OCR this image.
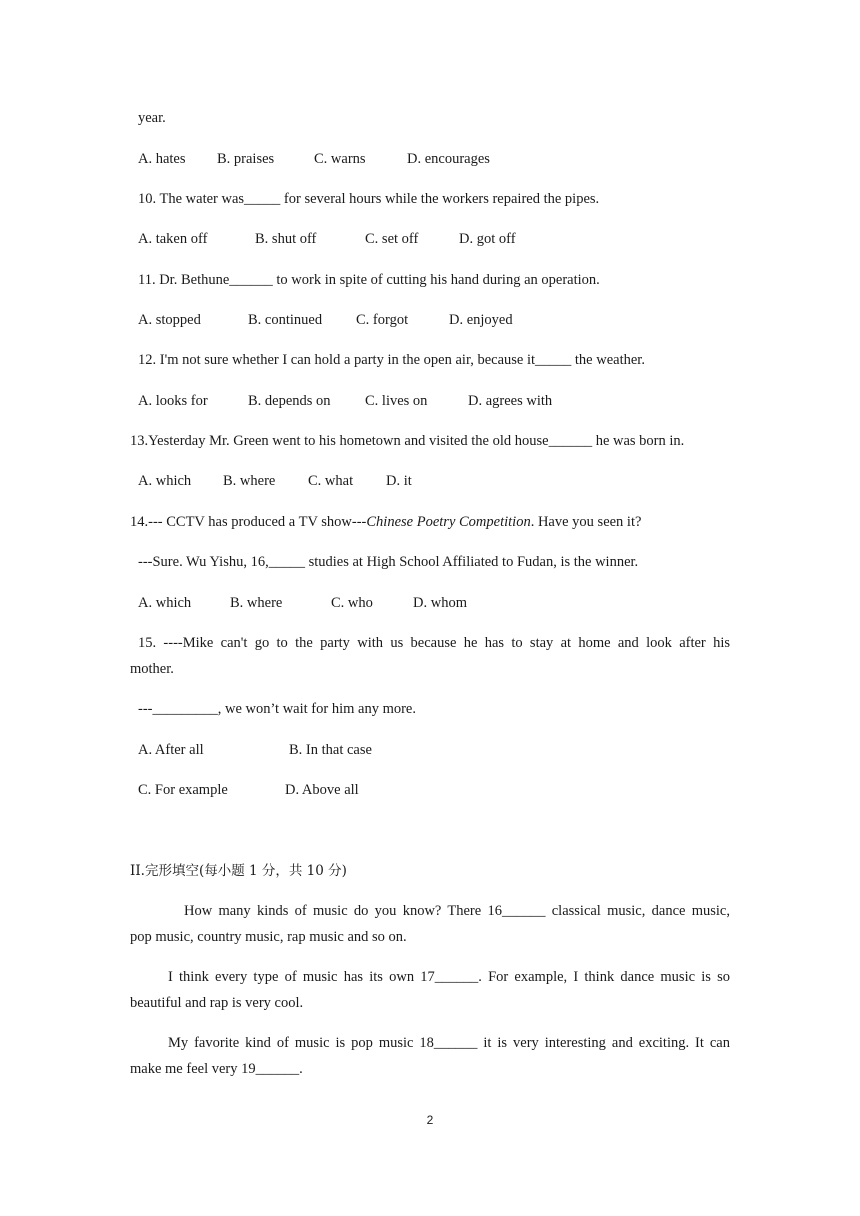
year.
A. hates B. praises	C. warns	D. encourages
10. The water was_____ for several hours while the workers repaired the pipes.
A. taken off	B. shut off	C. set off	D. got off
11. Dr. Bethune______ to work in spite of cutting his hand during an operation.
A. stopped	B. continued C. forgot	D. enjoyed
12. I'm not sure whether I can hold a party in the open air, because it_____ the weather.
A. looks for	B. depends on C. lives on	D. agrees with
13.Yesterday Mr. Green went to his hometown and visited the old house______ he was born in.
A. which B. where C. what D. it
14.--- CCTV has produced a TV show---Chinese Poetry Competition. Have you seen it?
---Sure. Wu Yishu, 16,_____ studies at High School Affiliated to Fudan, is the winner.
A. which	B. where	C. who	D. whom
15. ----Mike can't go to the party with us because he has to stay at home and look after his
mother.
---_________, we won’t wait for him any more.
A. After all	B. In that case
C. For example	D. Above all
II.完形填空(每小题 1 分，共 10 分)
How many kinds of music do you know? There 16______ classical music, dance music,
pop music, country music, rap music and so on.
I think every type of music has its own 17______. For example, I think dance music is so
beautiful and rap is very cool.
My favorite kind of music is pop music 18______ it is very interesting and exciting. It can
make me feel very 19______.
2
